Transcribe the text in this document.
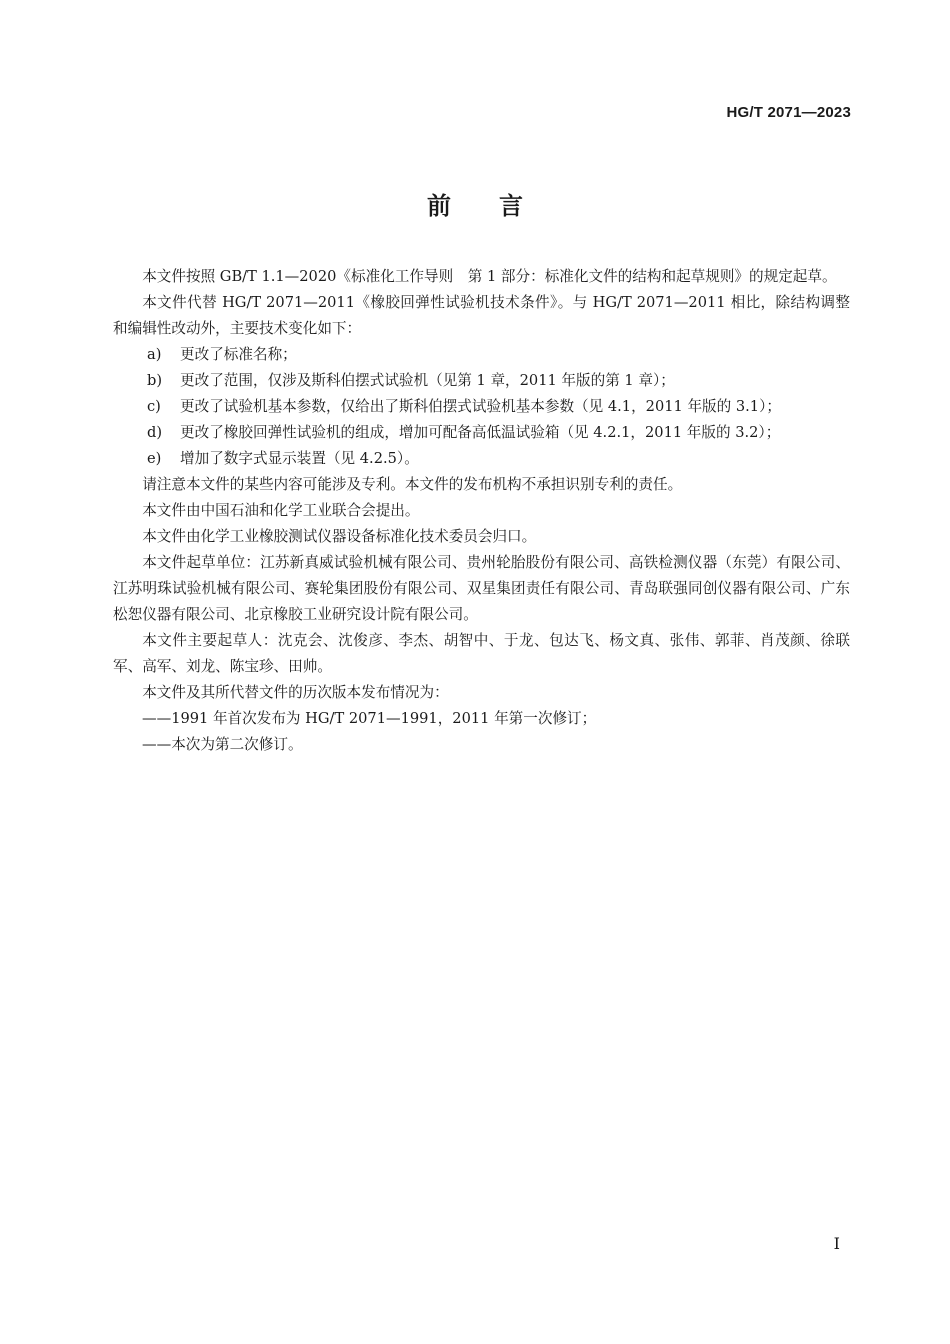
HG/T 2071—2023
前言

本文件按照 GB/T 1.1—2020《标准化工作导则　第 1 部分：标准化文件的结构和起草规则》的规定起草。

本文件代替 HG/T 2071—2011《橡胶回弹性试验机技术条件》。与 HG/T 2071—2011 相比，除结构调整和编辑性改动外，主要技术变化如下：

a)	更改了标准名称；
b)	更改了范围，仅涉及斯科伯摆式试验机（见第 1 章，2011 年版的第 1 章）；
c)	更改了试验机基本参数，仅给出了斯科伯摆式试验机基本参数（见 4.1，2011 年版的 3.1）；
d)	更改了橡胶回弹性试验机的组成，增加可配备高低温试验箱（见 4.2.1，2011 年版的 3.2）；
e)	增加了数字式显示装置（见 4.2.5）。

请注意本文件的某些内容可能涉及专利。本文件的发布机构不承担识别专利的责任。

本文件由中国石油和化学工业联合会提出。

本文件由化学工业橡胶测试仪器设备标准化技术委员会归口。

本文件起草单位：江苏新真威试验机械有限公司、贵州轮胎股份有限公司、高铁检测仪器（东莞）有限公司、江苏明珠试验机械有限公司、赛轮集团股份有限公司、双星集团责任有限公司、青岛联强同创仪器有限公司、广东松恕仪器有限公司、北京橡胶工业研究设计院有限公司。

本文件主要起草人：沈克会、沈俊彦、李杰、胡智中、于龙、包达飞、杨文真、张伟、郭菲、肖茂颜、徐联军、高军、刘龙、陈宝珍、田帅。

本文件及其所代替文件的历次版本发布情况为：

——1991 年首次发布为 HG/T 2071—1991，2011 年第一次修订；

——本次为第二次修订。

I
